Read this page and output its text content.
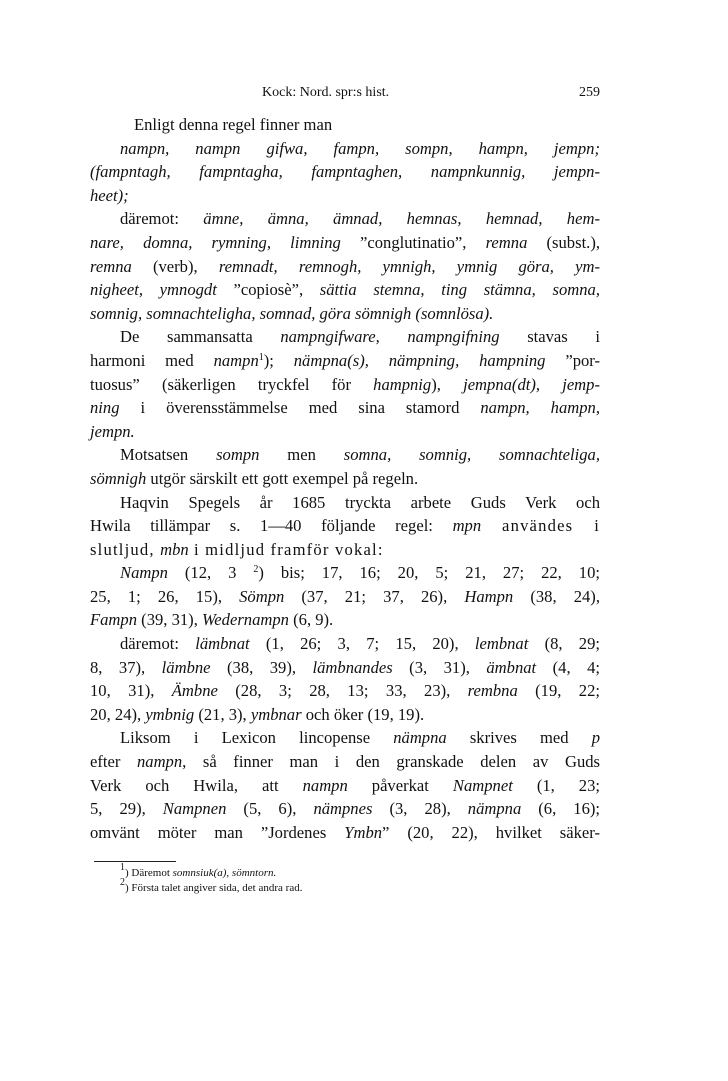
Kock: Nord. spr:s hist.	259
Enligt denna regel finner man
nampn, nampn gifwa, fampn, sompn, hampn, jempn;
(fampntagh, fampntagha, fampntaghen, nampnkunnig, jempn-
heet);
däremot: ämne, ämna, ämnad, hemnas, hemnad, hem-
nare, domna, rymning, limning ”conglutinatio”, remna (subst.),
remna (verb), remnadt, remnogh, ymnigh, ymnig göra, ym-
nigheet, ymnogdt ”copiosè”, sättia stemna, ting stämna, somna,
somnig, somnachteligha, somnad, göra sömnigh (somnlösa).
De sammansatta nampngifware, nampngifning stavas i
harmoni med nampn$^1$); nämpna(s), nämpning, hampning ”por-
tuosus” (säkerligen tryckfel för hampnig), jempna(dt), jemp-
ning i överensstämmelse med sina stamord nampn, hampn,
jempn.
Motsatsen sompn men somna, somnig, somnachteliga,
sömnigh utgör särskilt ett gott exempel på regeln.
Haqvin Spegels år 1685 tryckta arbete Guds Verk och
Hwila tillämpar s. 1—40 följande regel: mpn användes i
slutljud, mbn i midljud framför vokal:
Nampn (12, 3 $^2$) bis; 17, 16; 20, 5; 21, 27; 22, 10;
25, 1; 26, 15), Sömpn (37, 21; 37, 26), Hampn (38, 24),
Fampn (39, 31), Wedernampn (6, 9).
däremot: lämbnat (1, 26; 3, 7; 15, 20), lembnat (8, 29;
8, 37), lämbne (38, 39), lämbnandes (3, 31), ämbnat (4, 4;
10, 31), Ämbne (28, 3; 28, 13; 33, 23), rembna (19, 22;
20, 24), ymbnig (21, 3), ymbnar och öker (19, 19).
Liksom i Lexicon lincopense nämpna skrives med p
efter nampn, så finner man i den granskade delen av Guds
Verk och Hwila, att nampn påverkat Nampnet (1, 23;
5, 29), Nampnen (5, 6), nämpnes (3, 28), nämpna (6, 16);
omvänt möter man ”Jordenes Ymbn” (20, 22), hvilket säker-
$^1$) Däremot somnsiuk(a), sömntorn.
$^2$) Första talet angiver sida, det andra rad.
